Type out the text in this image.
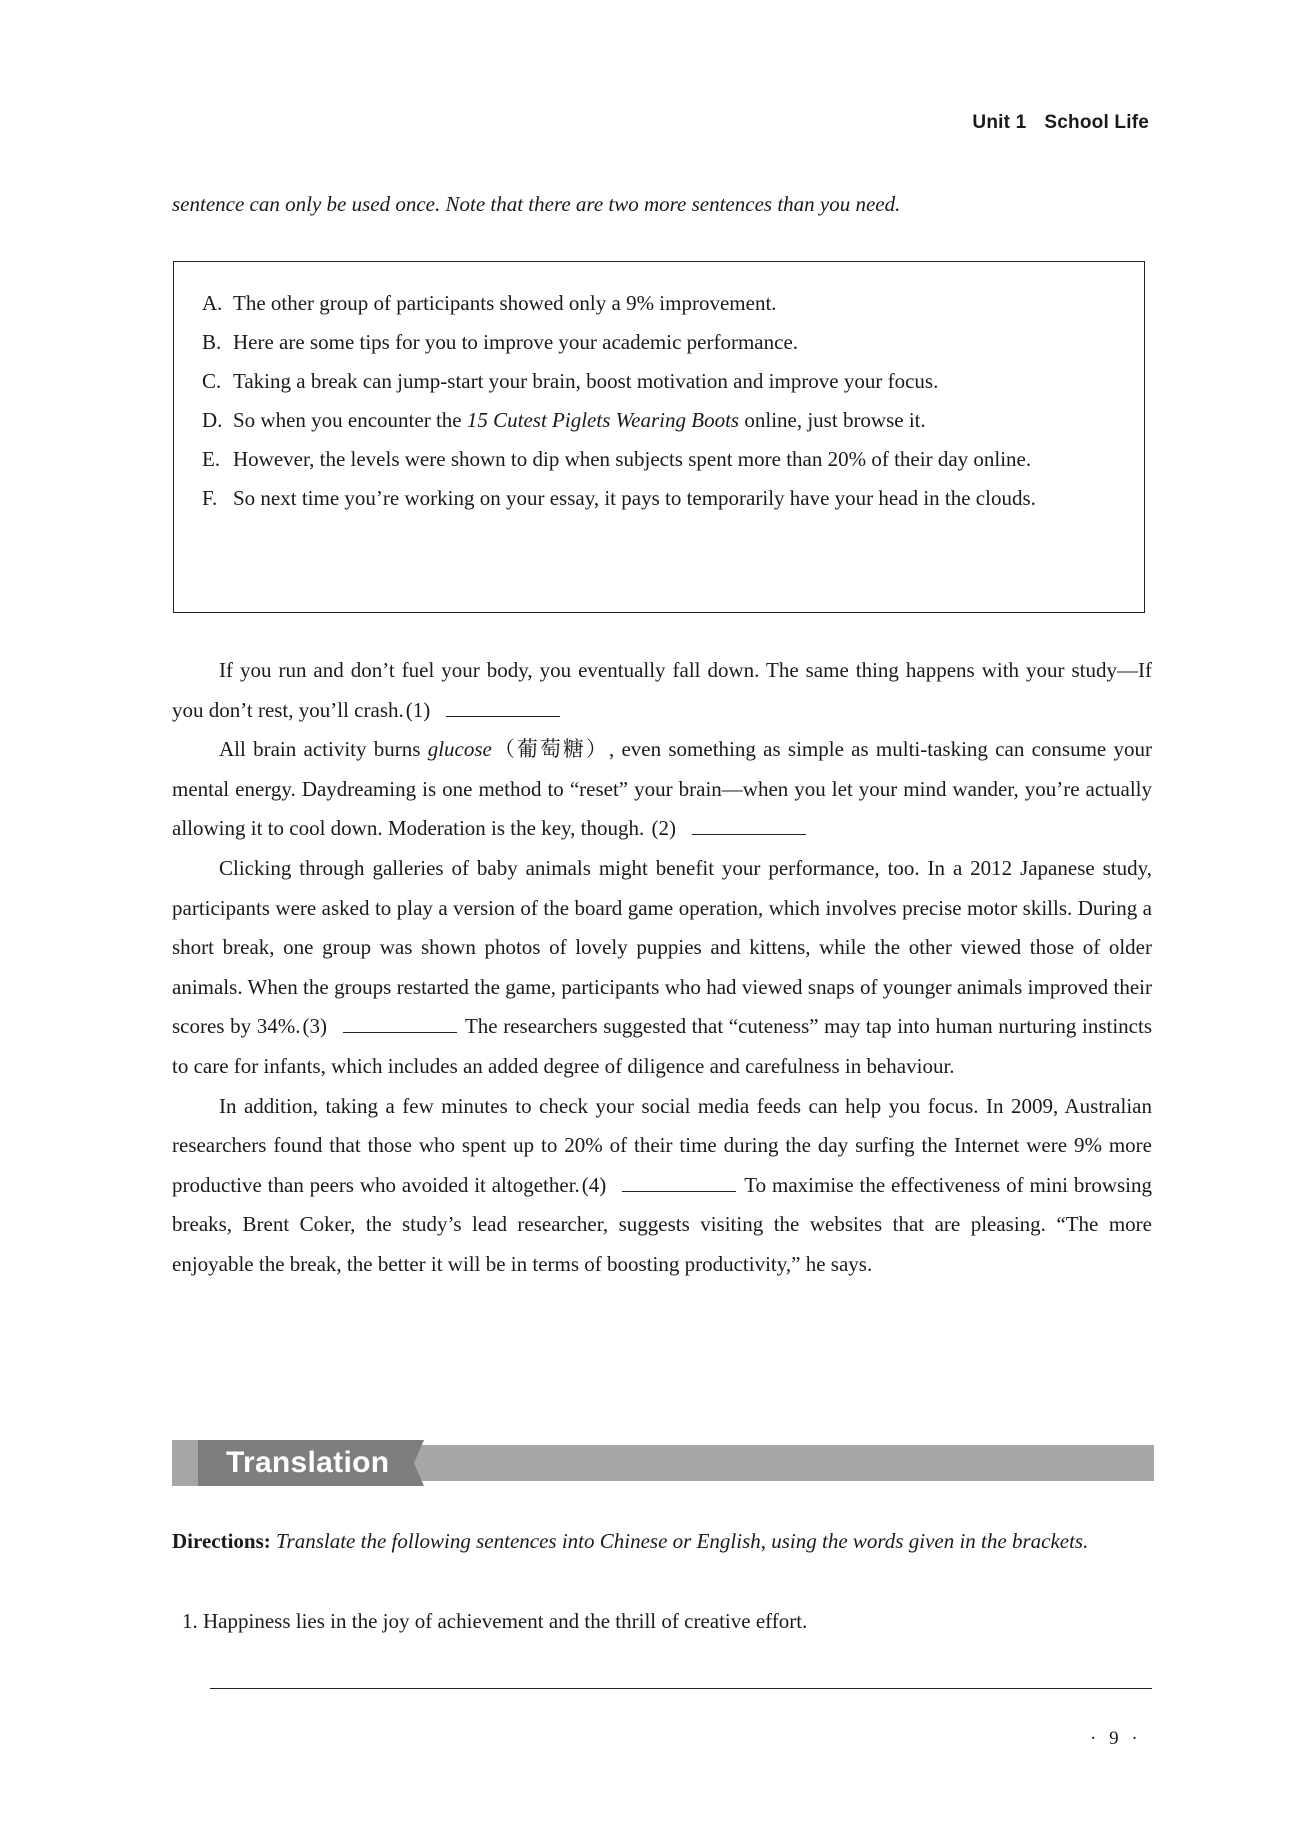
Unit 1 School Life
sentence can only be used once. Note that there are two more sentences than you need.
A. The other group of participants showed only a 9% improvement.
B. Here are some tips for you to improve your academic performance.
C. Taking a break can jump-start your brain, boost motivation and improve your focus.
D. So when you encounter the 15 Cutest Piglets Wearing Boots online, just browse it.
E. However, the levels were shown to dip when subjects spent more than 20% of their day online.
F. So next time you’re working on your essay, it pays to temporarily have your head in the clouds.

If you run and don’t fuel your body, you eventually fall down. The same thing happens with your study—If you don’t rest, you’ll crash.(1)

All brain activity burns glucose（葡萄糖）, even something as simple as multi-tasking can consume your mental energy. Daydreaming is one method to “reset” your brain—when you let your mind wander, you’re actually allowing it to cool down. Moderation is the key, though. (2)

Clicking through galleries of baby animals might benefit your performance, too. In a 2012 Japanese study, participants were asked to play a version of the board game operation, which involves precise motor skills. During a short break, one group was shown photos of lovely puppies and kittens, while the other viewed those of older animals. When the groups restarted the game, participants who had viewed snaps of younger animals improved their scores by 34%.(3)	The researchers suggested that “cuteness” may tap into human nurturing instincts to care for infants, which includes an added degree of diligence and carefulness in behaviour.

In addition, taking a few minutes to check your social media feeds can help you focus. In 2009, Australian researchers found that those who spent up to 20% of their time during the day surfing the Internet were 9% more productive than peers who avoided it altogether.(4)	To maximise the effectiveness of mini browsing breaks, Brent Coker, the study’s lead researcher, suggests visiting the websites that are pleasing. “The more enjoyable the break, the better it will be in terms of boosting productivity,” he says.

Translation
Directions: Translate the following sentences into Chinese or English, using the words given in the brackets.
1. Happiness lies in the joy of achievement and the thrill of creative effort.
· 9 ·
